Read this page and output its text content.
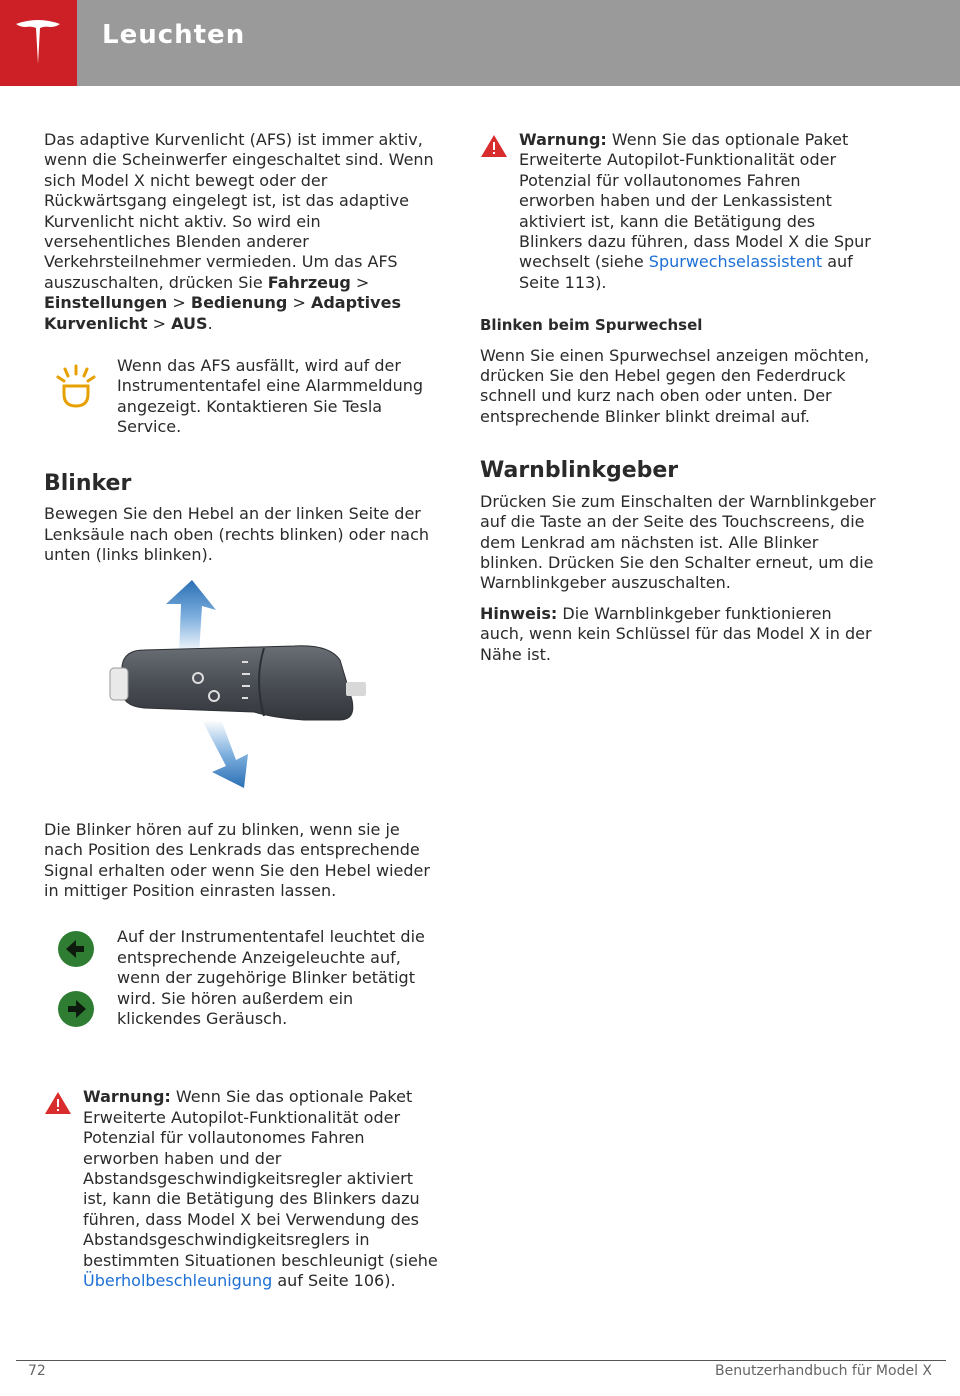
Leuchten

Das adaptive Kurvenlicht (AFS) ist immer aktiv, wenn die Scheinwerfer eingeschaltet sind. Wenn sich Model X nicht bewegt oder der Rückwärtsgang eingelegt ist, ist das adaptive Kurvenlicht nicht aktiv. So wird ein versehentliches Blenden anderer Verkehrsteilnehmer vermieden. Um das AFS auszuschalten, drücken Sie Fahrzeug > Einstellungen > Bedienung > Adaptives Kurvenlicht > AUS.

Wenn das AFS ausfällt, wird auf der Instrumententafel eine Alarmmeldung angezeigt. Kontaktieren Sie Tesla Service.

Blinker

Bewegen Sie den Hebel an der linken Seite der Lenksäule nach oben (rechts blinken) oder nach unten (links blinken).

Die Blinker hören auf zu blinken, wenn sie je nach Position des Lenkrads das entsprechende Signal erhalten oder wenn Sie den Hebel wieder in mittiger Position einrasten lassen.

Auf der Instrumententafel leuchtet die entsprechende Anzeigeleuchte auf, wenn der zugehörige Blinker betätigt wird. Sie hören außerdem ein klickendes Geräusch.

Warnung: Wenn Sie das optionale Paket Erweiterte Autopilot-Funktionalität oder Potenzial für vollautonomes Fahren erworben haben und der Abstandsgeschwindigkeitsregler aktiviert ist, kann die Betätigung des Blinkers dazu führen, dass Model X bei Verwendung des Abstandsgeschwindigkeitsreglers in bestimmten Situationen beschleunigt (siehe Überholbeschleunigung auf Seite 106).

Warnung: Wenn Sie das optionale Paket Erweiterte Autopilot-Funktionalität oder Potenzial für vollautonomes Fahren erworben haben und der Lenkassistent aktiviert ist, kann die Betätigung des Blinkers dazu führen, dass Model X die Spur wechselt (siehe Spurwechselassistent auf Seite 113).

Blinken beim Spurwechsel

Wenn Sie einen Spurwechsel anzeigen möchten, drücken Sie den Hebel gegen den Federdruck schnell und kurz nach oben oder unten. Der entsprechende Blinker blinkt dreimal auf.

Warnblinkgeber

Drücken Sie zum Einschalten der Warnblinkgeber auf die Taste an der Seite des Touchscreens, die dem Lenkrad am nächsten ist. Alle Blinker blinken. Drücken Sie den Schalter erneut, um die Warnblinkgeber auszuschalten.

Hinweis: Die Warnblinkgeber funktionieren auch, wenn kein Schlüssel für das Model X in der Nähe ist.

72	Benutzerhandbuch für Model X
